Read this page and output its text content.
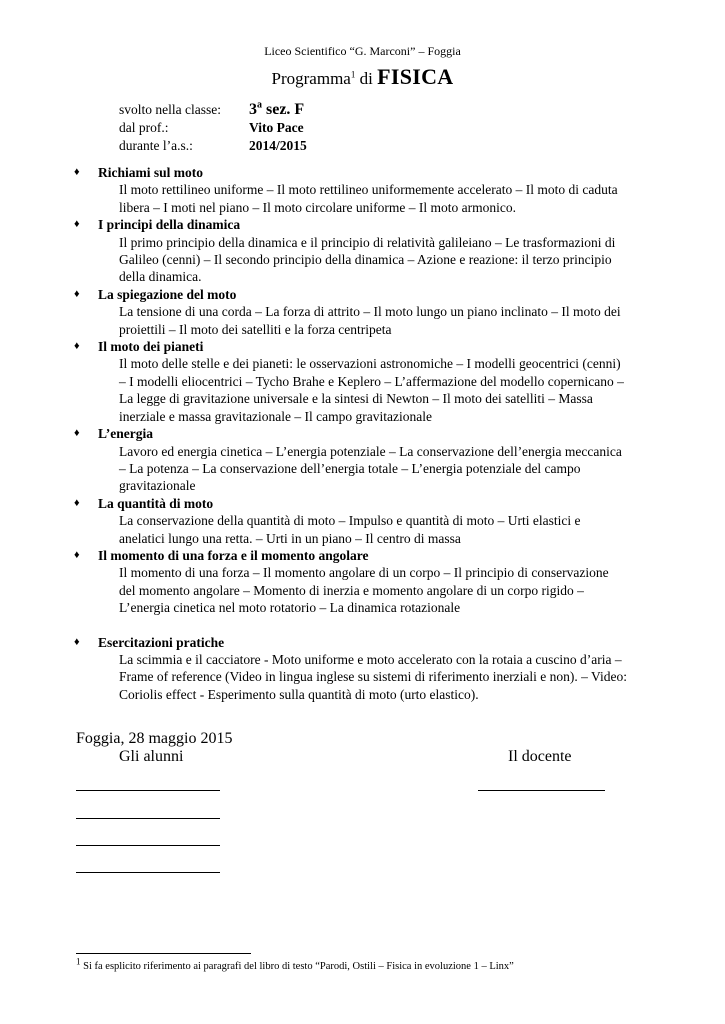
Liceo Scientifico “G. Marconi” – Foggia
Programma$^1$ di FISICA
svolto nella classe:	3$^a$ sez. F
dal prof.:	Vito Pace
durante l’a.s.:	2014/2015
♦ Richiami sul moto
Il moto rettilineo uniforme – Il moto rettilineo uniformemente accelerato – Il moto di caduta
libera – I moti nel piano – Il moto circolare uniforme – Il moto armonico.
♦ I principi della dinamica
Il primo principio della dinamica e il principio di relatività galileiano – Le trasformazioni di
Galileo (cenni) – Il secondo principio della dinamica – Azione e reazione: il terzo principio
della dinamica.
♦ La spiegazione del moto
La tensione di una corda – La forza di attrito – Il moto lungo un piano inclinato – Il moto dei
proiettili – Il moto dei satelliti e la forza centripeta
♦ Il moto dei pianeti
Il moto delle stelle e dei pianeti: le osservazioni astronomiche – I modelli geocentrici (cenni)
– I modelli eliocentrici – Tycho Brahe e Keplero – L’affermazione del modello copernicano –
La legge di gravitazione universale e la sintesi di Newton – Il moto dei satelliti – Massa
inerziale e massa gravitazionale – Il campo gravitazionale
♦ L’energia
Lavoro ed energia cinetica – L’energia potenziale – La conservazione dell’energia meccanica
– La potenza – La conservazione dell’energia totale – L’energia potenziale del campo
gravitazionale
♦ La quantità di moto
La conservazione della quantità di moto – Impulso e quantità di moto – Urti elastici e
anelatici lungo una retta. – Urti in un piano – Il centro di massa
♦ Il momento di una forza e il momento angolare
Il momento di una forza – Il momento angolare di un corpo – Il principio di conservazione
del momento angolare – Momento di inerzia e momento angolare di un corpo rigido –
L’energia cinetica nel moto rotatorio – La dinamica rotazionale
♦ Esercitazioni pratiche
La scimmia e il cacciatore - Moto uniforme e moto accelerato con la rotaia a cuscino d’aria –
Frame of reference (Video in lingua inglese su sistemi di riferimento inerziali e non). – Video:
Coriolis effect - Esperimento sulla quantità di moto (urto elastico).
Foggia, 28 maggio 2015
Gli alunni	Il docente
$^1$ Si fa esplicito riferimento ai paragrafi del libro di testo “Parodi, Ostili – Fisica in evoluzione 1 – Linx”
